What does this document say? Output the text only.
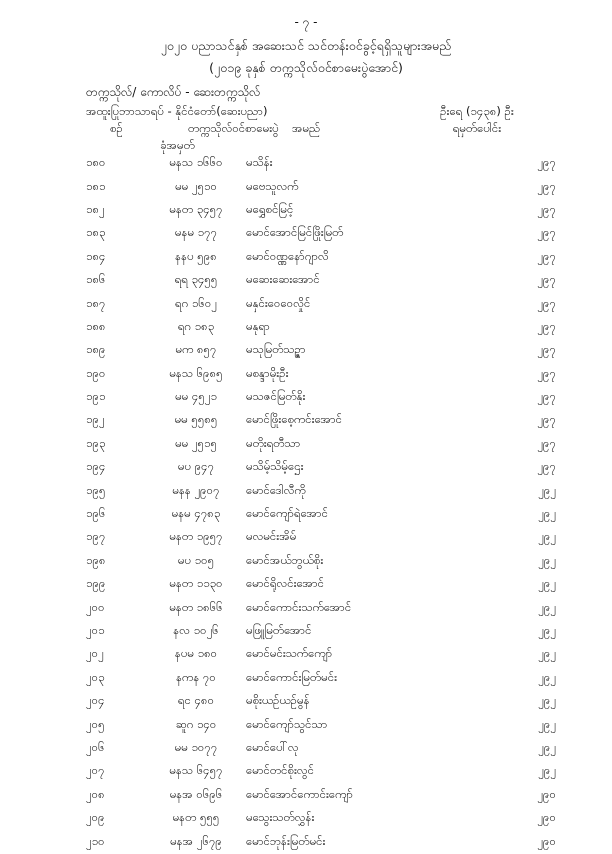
- ၇ -
၂၀၂၀ ပညာသင်နှစ် အဆေးသင် သင်တန်းဝင်ခွင့်ရရှိသူများအမည်
(၂၀၁၉ ခုနှစ် တက္ကသိုလ်ဝင်စာမေးပွဲအောင်)
တက္ကသိုလ်/ ကောလိပ် - ဆေးတက္ကသိုလ်
အထူးပြုဘာသာရပ် - နိုင်ငံတော်(ဆေးပညာ)	ဦးရေ (၁၄၃၈) ဦး
စဉ်	တက္ကသိုလ်ဝင်စာမေးပွဲ အမည်	ရမှတ်ပေါင်း
ခုံအမှတ်
၁၈၀	မနသ ၁၆၆၀	မသိန်း	၂၉၇
၁၈၁	မမ ၂၅၁၀	မဗေသူလက်	၂၉၇
၁၈၂	မနတ ၃၄၅၇	မရွှေစင်မြင့်	၂၉၇
၁၈၃	မနမ ၁၇၇	မောင်အောင်မြင်ဖြိုးမြတ်	၂၉၇
၁၈၄	နနပ ၅၉၈	မောင်ဝဏ္ဏနော်ဂျာလိ	၂၉၇
၁၈၆	ရရ ၃၄၅၅	မဆေးဆေးအောင်	၂၉၇
၁၈၇	ရဂ ၁၆၀၂	မနှင်းဝေဝေလှိုင်	၂၉၇
၁၈၈	ရဂ ၁၈၃	မနုရာ	၂၉၇
၁၈၉	မက ၈၅၇	မသုမြတ်သဉ္ဇာ	၂၉၇
၁၉၀	မနသ ၆၉၈၅	မစန္ဒာမိုးဦး	၂၉၇
၁၉၁	မမ ၄၅၂၁	မသဇင်မြတ်နိုး	၂၉၇
၁၉၂	မမ ၅၅၈၅	မောင်ဖြိုးစေ့ကင်းအောင်	၂၉၇
၁၉၃	မမ ၂၅၁၅	မတိုးရတီသာ	၂၉၇
၁၉၄	မပ ၉၄၇	မသိမ့်သိမ့်ဌေး	၂၉၇
၁၉၅	မနန ၂၉၀၇	မောင်ဒေါလီကို	၂၉၂
၁၉၆	မနမ ၄၇၈၃	မောင်ကျော်ရဲအောင်	၂၉၂
၁၉၇	မနတ ၁၉၅၇	မလမင်းအိမ်	၂၉၂
၁၉၈	မပ ၁၀၅	မောင်အယ်ဘွယ်စိုး	၂၉၂
၁၉၉	မနတ ၁၁၃၀	မောင်ရိုလင်းအောင်	၂၉၂
၂၀၀	မနတ ၁၈၆၆	မောင်ကောင်းသက်အောင်	၂၉၂
၂၀၁	နလ ၁၀၂၆	မဖြူမြတ်အောင်	၂၉၂
၂၀၂	နပမ ၁၈၀	မောင်မင်းသက်ကျော်	၂၉၂
၂၀၃	နကန ၇၀	မောင်ကောင်းမြတ်မင်း	၂၉၂
၂၀၄	ရင ၄၈၀	မစိုးယဉ်ယဉ်မွန်	၂၉၂
၂၀၅	ဆူဂ ၁၄၀	မောင်ကျော်သွင်သာ	၂၉၂
၂၀၆	မမ ၁၀၇၇	မောင်ပေါ်လု	၂၉၂
၂၀၇	မနသ ၆၄၅၇	မောင်တင်စိုးလွင်	၂၉၂
၂၀၈	မနအ ၀၆၉၆	မောင်အောင်ကောင်းကျော်	၂၉၀
၂၀၉	မနတ ၅၅၅	မသွေးသတ်လွှန်း	၂၉၀
၂၁၀	မနအ ၂၆၇၉	မောင်ဘုန်းမြတ်မင်း	၂၉၀
